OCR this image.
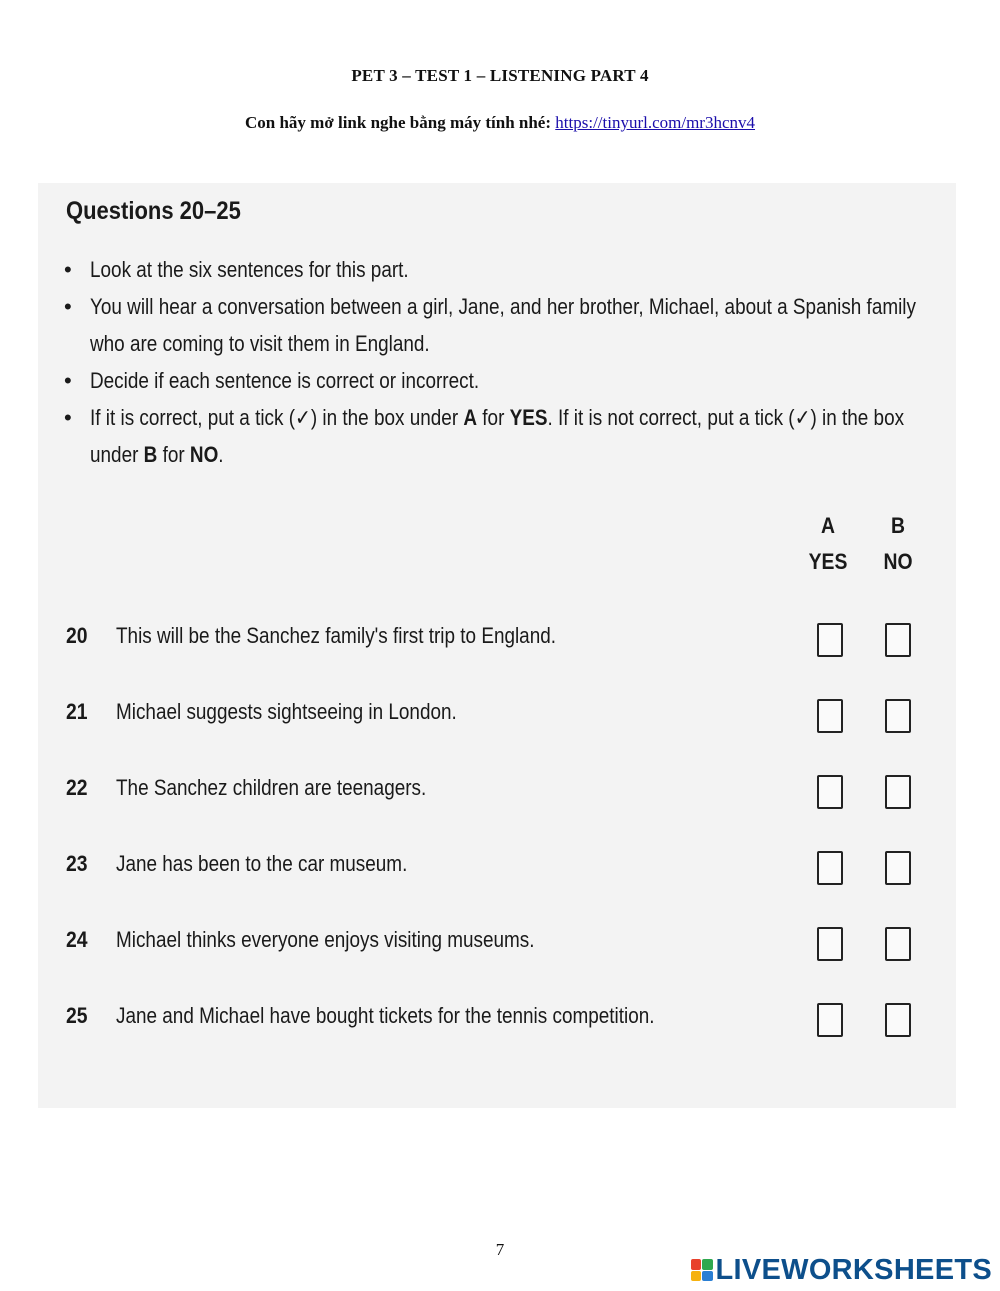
PET 3 – TEST 1 – LISTENING PART 4
Con hãy mở link nghe bằng máy tính nhé: https://tinyurl.com/mr3hcnv4
Questions 20–25
• Look at the six sentences for this part.
• You will hear a conversation between a girl, Jane, and her brother, Michael, about a Spanish family who are coming to visit them in England.
• Decide if each sentence is correct or incorrect.
• If it is correct, put a tick (✓) in the box under A for YES. If it is not correct, put a tick (✓) in the box under B for NO.
A
YES
B
NO
20 This will be the Sanchez family's first trip to England.
21 Michael suggests sightseeing in London.
22 The Sanchez children are teenagers.
23 Jane has been to the car museum.
24 Michael thinks everyone enjoys visiting museums.
25 Jane and Michael have bought tickets for the tennis competition.
7
LIVEWORKSHEETS
